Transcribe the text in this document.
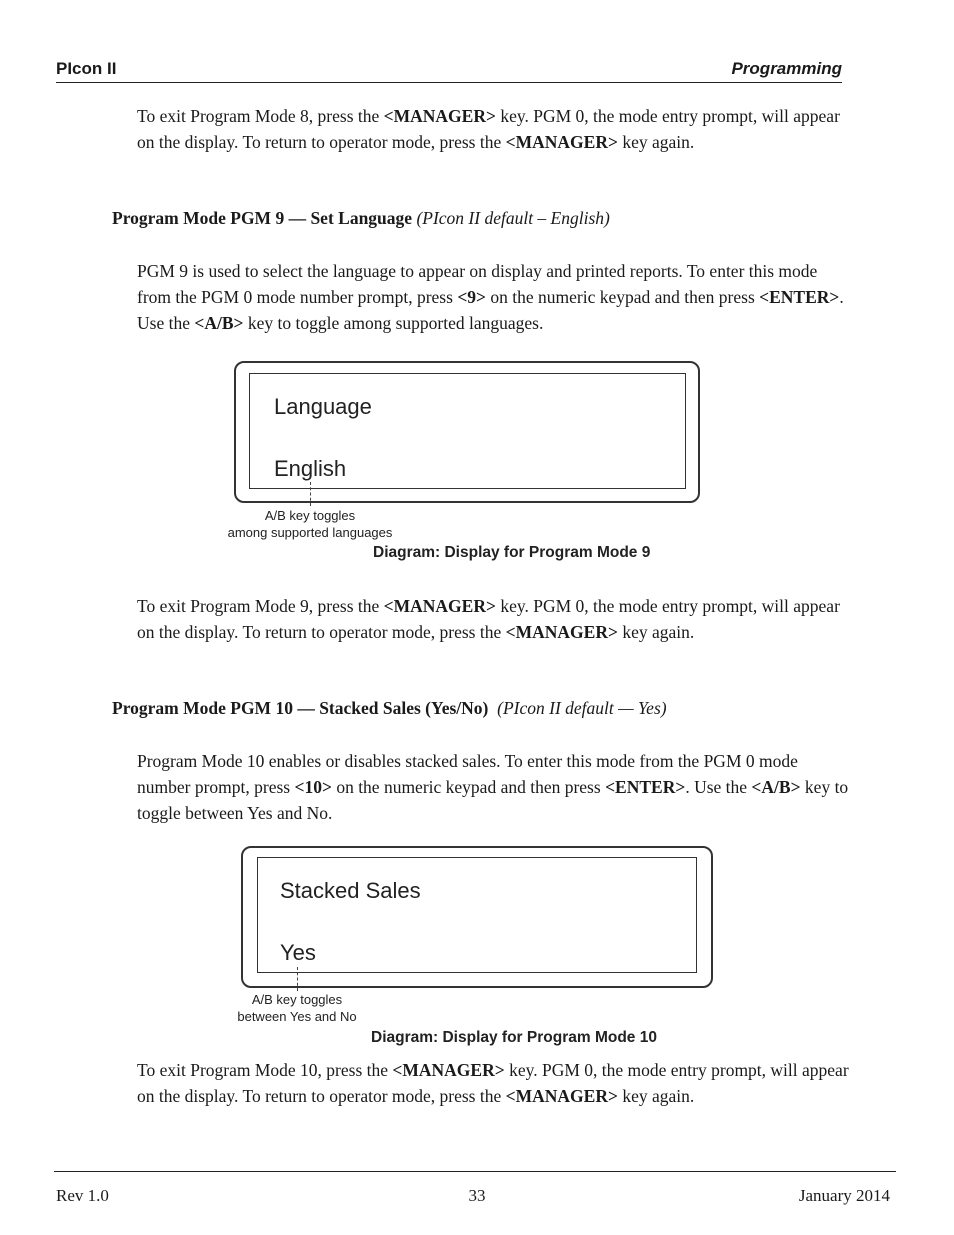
PIcon II	Programming
To exit Program Mode 8, press the <MANAGER> key. PGM 0, the mode entry prompt, will appear on the display. To return to operator mode, press the <MANAGER> key again.
Program Mode PGM 9 — Set Language (PIcon II default – English)
PGM 9 is used to select the language to appear on display and printed reports. To enter this mode from the PGM 0 mode number prompt, press <9> on the numeric keypad and then press <ENTER>. Use the <A/B> key to toggle among supported languages.
Language
English
A/B key toggles
among supported languages
Diagram: Display for Program Mode 9
To exit Program Mode 9, press the <MANAGER> key. PGM 0, the mode entry prompt, will appear on the display. To return to operator mode, press the <MANAGER> key again.
Program Mode PGM 10 — Stacked Sales (Yes/No) (PIcon II default — Yes)
Program Mode 10 enables or disables stacked sales. To enter this mode from the PGM 0 mode number prompt, press <10> on the numeric keypad and then press <ENTER>. Use the <A/B> key to toggle between Yes and No.
Stacked Sales
Yes
A/B key toggles
between Yes and No
Diagram: Display for Program Mode 10
To exit Program Mode 10, press the <MANAGER> key. PGM 0, the mode entry prompt, will appear on the display. To return to operator mode, press the <MANAGER> key again.
Rev 1.0	33	January 2014
